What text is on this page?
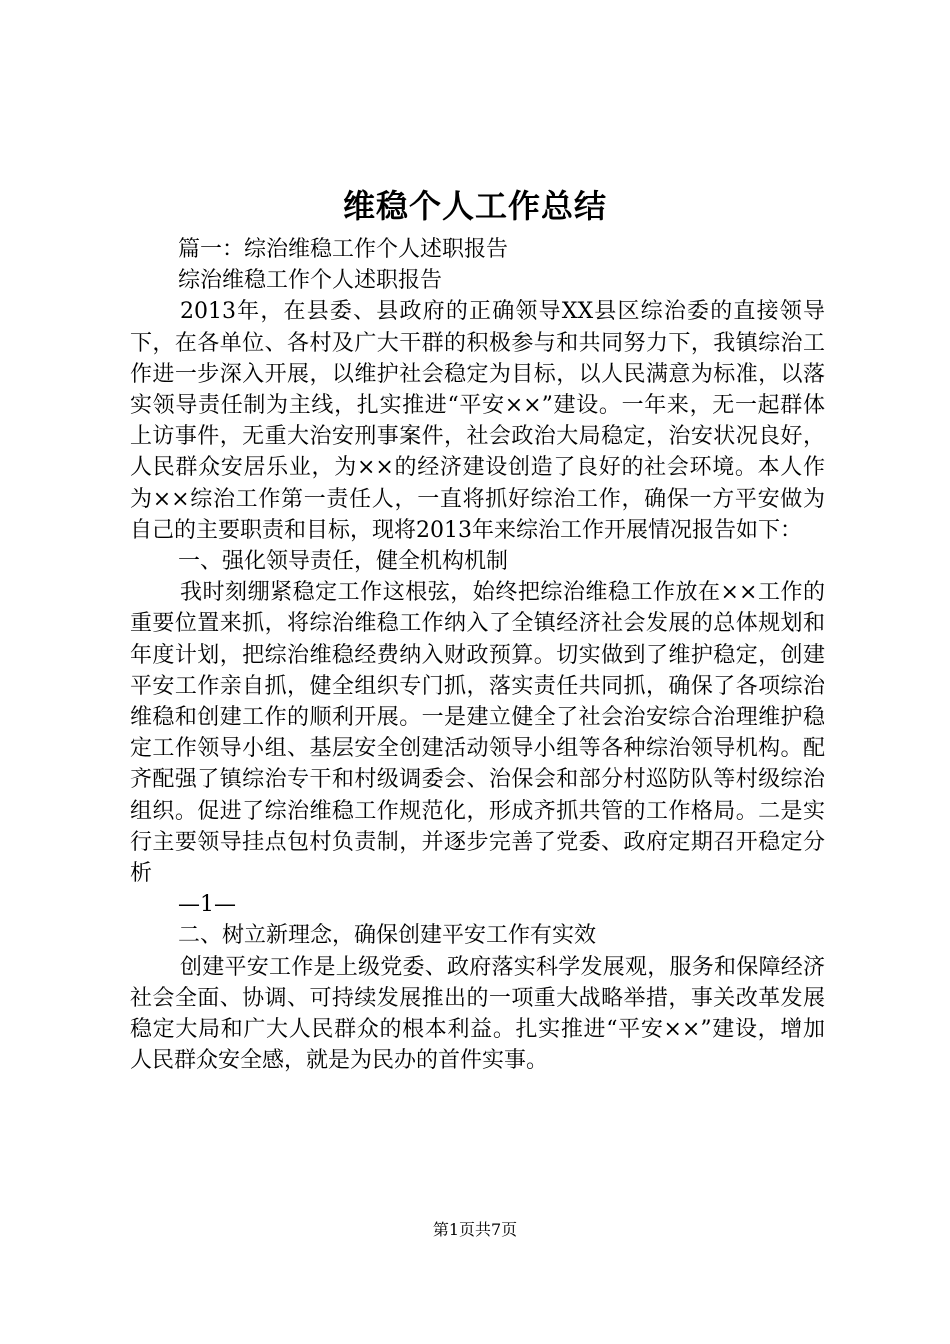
维稳个人工作总结

篇一：综治维稳工作个人述职报告

综治维稳工作个人述职报告

2013年，在县委、县政府的正确领导XX县区综治委的直接领导下，在各单位、各村及广大干群的积极参与和共同努力下，我镇综治工作进一步深入开展，以维护社会稳定为目标，以人民满意为标准，以落实领导责任制为主线，扎实推进“平安××”建设。一年来，无一起群体上访事件，无重大治安刑事案件，社会政治大局稳定，治安状况良好，人民群众安居乐业，为××的经济建设创造了良好的社会环境。本人作为××综治工作第一责任人，一直将抓好综治工作，确保一方平安做为自己的主要职责和目标，现将2013年来综治工作开展情况报告如下：

一、强化领导责任，健全机构机制

我时刻绷紧稳定工作这根弦，始终把综治维稳工作放在××工作的重要位置来抓，将综治维稳工作纳入了全镇经济社会发展的总体规划和年度计划，把综治维稳经费纳入财政预算。切实做到了维护稳定，创建平安工作亲自抓，健全组织专门抓，落实责任共同抓，确保了各项综治维稳和创建工作的顺利开展。一是建立健全了社会治安综合治理维护稳定工作领导小组、基层安全创建活动领导小组等各种综治领导机构。配齐配强了镇综治专干和村级调委会、治保会和部分村巡防队等村级综治组织。促进了综治维稳工作规范化，形成齐抓共管的工作格局。二是实行主要领导挂点包村负责制，并逐步完善了党委、政府定期召开稳定分析

—1—

二、树立新理念，确保创建平安工作有实效

创建平安工作是上级党委、政府落实科学发展观，服务和保障经济社会全面、协调、可持续发展推出的一项重大战略举措，事关改革发展稳定大局和广大人民群众的根本利益。扎实推进“平安××”建设，增加人民群众安全感，就是为民办的首件实事。

第1页共7页
